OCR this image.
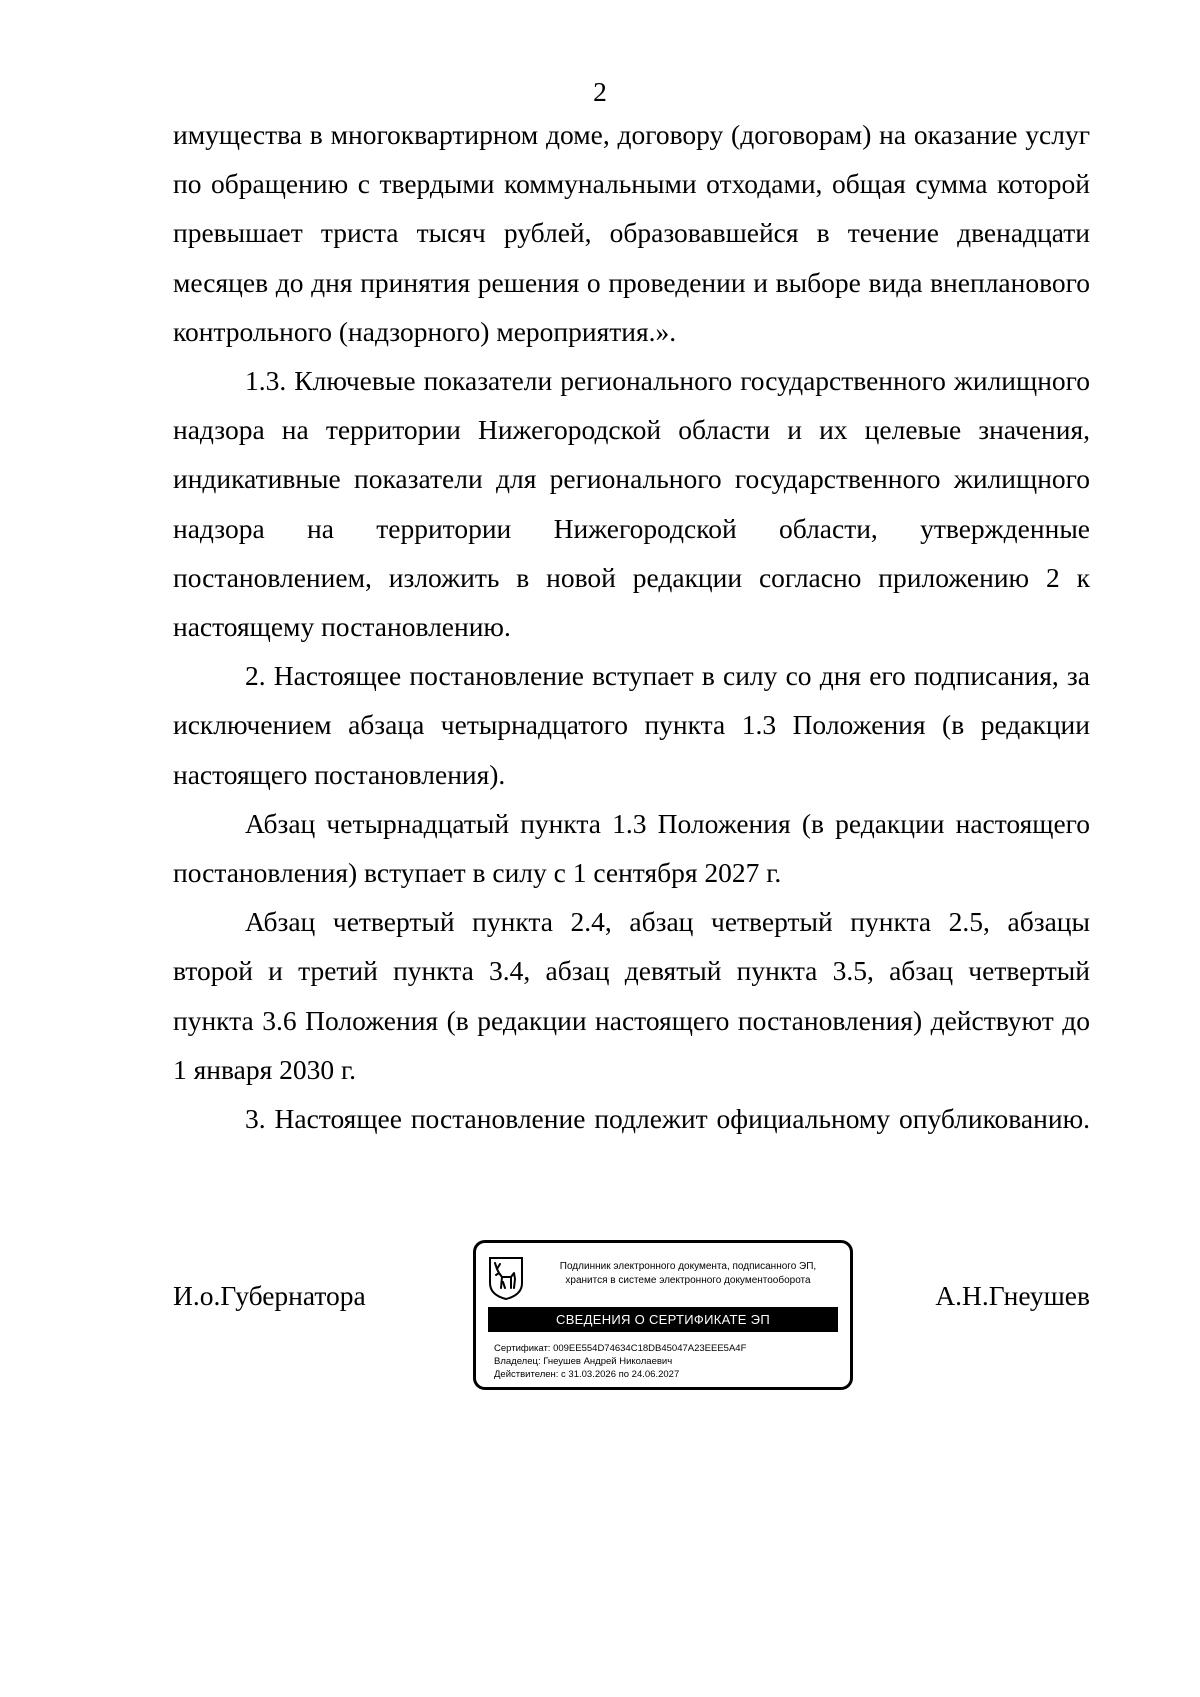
2

имущества в многоквартирном доме, договору (договорам) на оказание услуг по обращению с твердыми коммунальными отходами, общая сумма которой превышает триста тысяч рублей, образовавшейся в течение двенадцати месяцев до дня принятия решения о проведении и выборе вида внепланового контрольного (надзорного) мероприятия.».

1.3. Ключевые показатели регионального государственного жилищного надзора на территории Нижегородской области и их целевые значения, индикативные показатели для регионального государственного жилищного надзора на территории Нижегородской области, утвержденные постановлением, изложить в новой редакции согласно приложению 2 к настоящему постановлению.

2. Настоящее постановление вступает в силу со дня его подписания, за исключением абзаца четырнадцатого пункта 1.3 Положения (в редакции настоящего постановления).

Абзац четырнадцатый пункта 1.3 Положения (в редакции настоящего постановления) вступает в силу с 1 сентября 2027 г.

Абзац четвертый пункта 2.4, абзац четвертый пункта 2.5, абзацы второй и третий пункта 3.4, абзац девятый пункта 3.5, абзац четвертый пункта 3.6 Положения (в редакции настоящего постановления) действуют до 1 января 2030 г.

3. Настоящее постановление подлежит официальному опубликованию.

И.о.Губернатора
Подлинник электронного документа, подписанного ЭП,
хранится в системе электронного документооборота
СВЕДЕНИЯ О СЕРТИФИКАТЕ ЭП
Сертификат: 009EE554D74634C18DB45047A23EEE5A4F
Владелец: Гнеушев Андрей Николаевич
Действителен: с 31.03.2026 по 24.06.2027
А.Н.Гнеушев
